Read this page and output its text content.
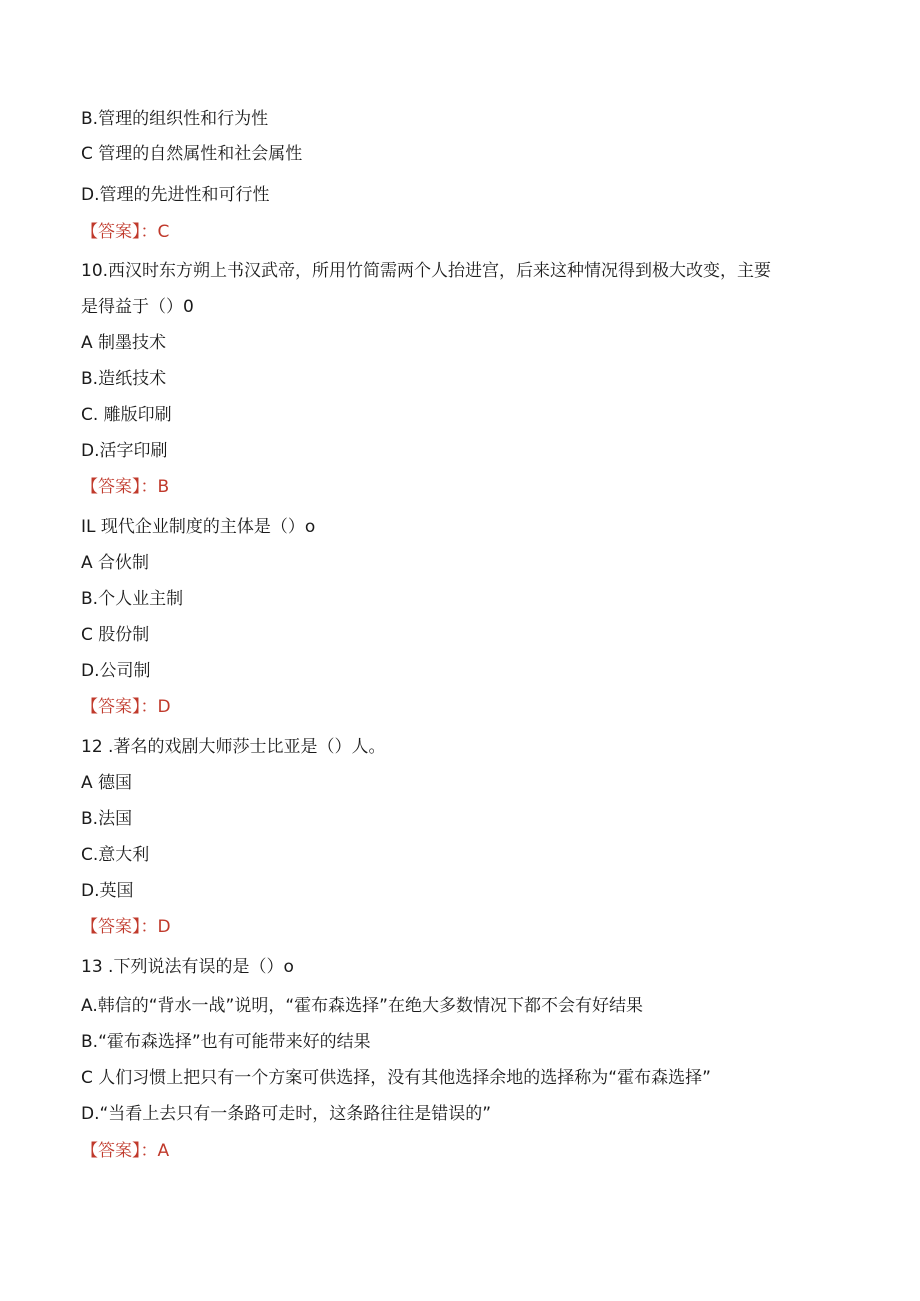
B.管理的组织性和行为性
C 管理的自然属性和社会属性
D.管理的先进性和可行性
【答案】：C
10.西汉时东方朔上书汉武帝，所用竹简需两个人抬进宫，后来这种情况得到极大改变，主要
是得益于（）0
A 制墨技术
B.造纸技术
C. 雕版印刷
D.活字印刷
【答案】：B
IL 现代企业制度的主体是（）o
A 合伙制
B.个人业主制
C 股份制
D.公司制
【答案】：D
12 .著名的戏剧大师莎士比亚是（）人。
A 德国
B.法国
C.意大利
D.英国
【答案】：D
13 .下列说法有误的是（）o
A.韩信的“背水一战”说明，“霍布森选择”在绝大多数情况下都不会有好结果
B.“霍布森选择”也有可能带来好的结果
C 人们习惯上把只有一个方案可供选择，没有其他选择余地的选择称为“霍布森选择”
D.“当看上去只有一条路可走时，这条路往往是错误的”
【答案】：A
